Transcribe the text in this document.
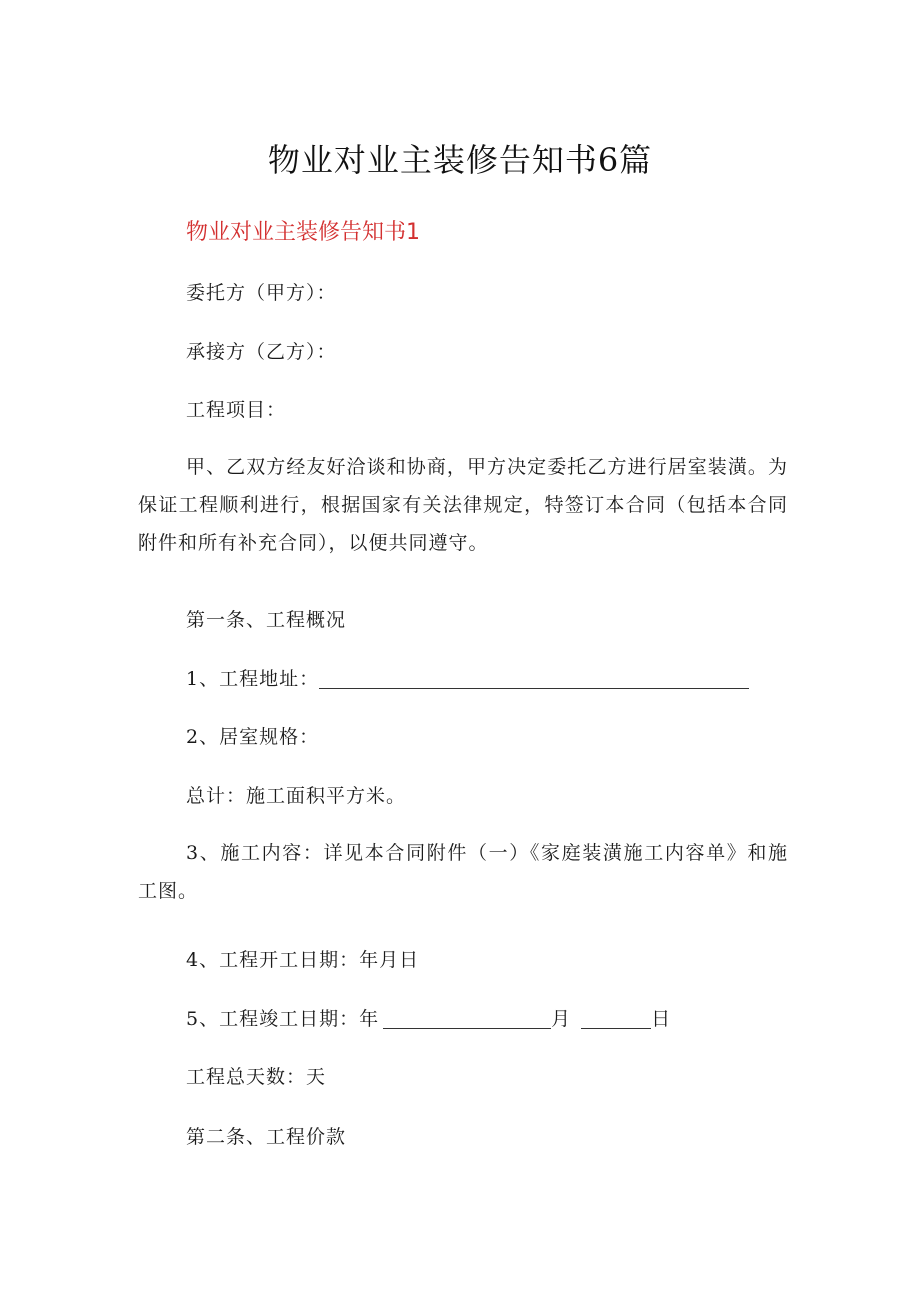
物业对业主装修告知书6篇
物业对业主装修告知书1
委托方（甲方）：
承接方（乙方）：
工程项目：
甲、乙双方经友好洽谈和协商，甲方决定委托乙方进行居室装潢。为保证工程顺利进行，根据国家有关法律规定，特签订本合同（包括本合同附件和所有补充合同），以便共同遵守。
第一条、工程概况
1、工程地址：
2、居室规格：
总计：施工面积平方米。
3、施工内容：详见本合同附件（一）《家庭装潢施工内容单》和施工图。
4、工程开工日期：年月日
5、工程竣工日期：年	月	日
工程总天数：天
第二条、工程价款
